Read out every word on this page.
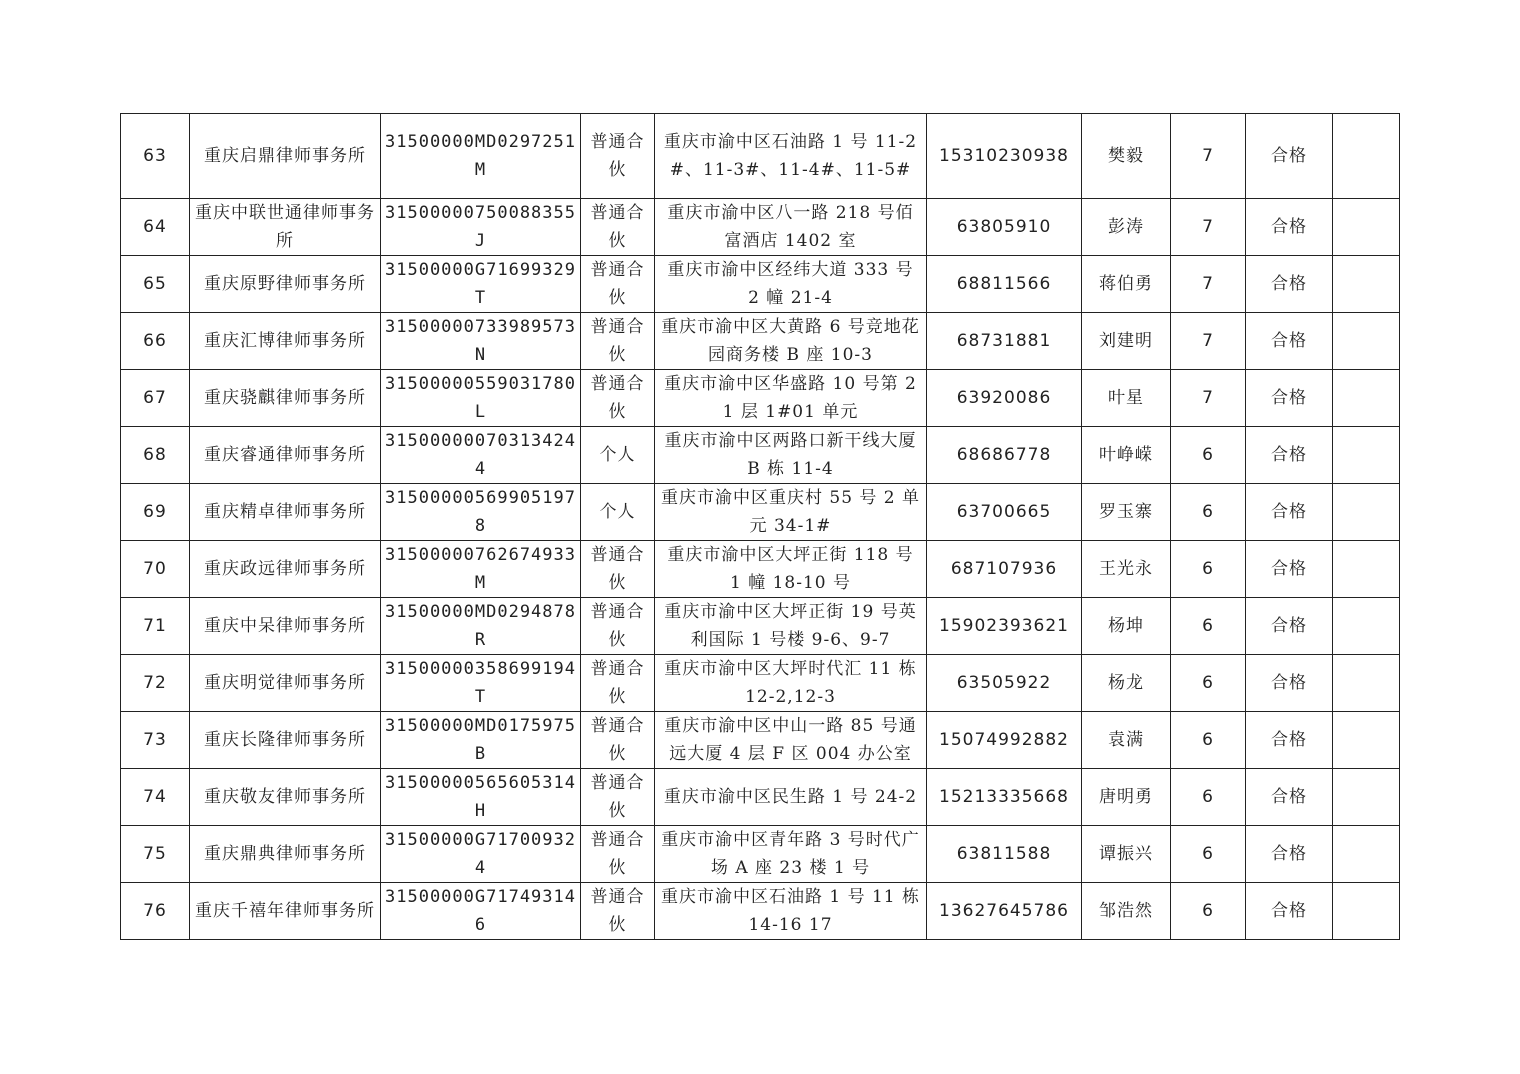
63	重庆启鼎律师事务所	31500000MD0297251M	普通合伙	重庆市渝中区石油路 1 号 11-2#、11-3#、11-4#、11-5#	15310230938	樊毅	7	合格	
64	重庆中联世通律师事务所	31500000750088355J	普通合伙	重庆市渝中区八一路 218 号佰富酒店 1402 室	63805910	彭涛	7	合格	
65	重庆原野律师事务所	31500000G71699329T	普通合伙	重庆市渝中区经纬大道 333 号 2 幢 21-4	68811566	蒋伯勇	7	合格	
66	重庆汇博律师事务所	31500000733989573N	普通合伙	重庆市渝中区大黄路 6 号竞地花园商务楼 B 座 10-3	68731881	刘建明	7	合格	
67	重庆骁麒律师事务所	31500000559031780L	普通合伙	重庆市渝中区华盛路 10 号第 21 层 1#01 单元	63920086	叶星	7	合格	
68	重庆睿通律师事务所	315000000703134244	个人	重庆市渝中区两路口新干线大厦 B 栋 11-4	68686778	叶峥嵘	6	合格	
69	重庆精卓律师事务所	315000005699051978	个人	重庆市渝中区重庆村 55 号 2 单元 34-1#	63700665	罗玉寨	6	合格	
70	重庆政远律师事务所	31500000762674933M	普通合伙	重庆市渝中区大坪正街 118 号 1 幢 18-10 号	687107936	王光永	6	合格	
71	重庆中呆律师事务所	31500000MD0294878R	普通合伙	重庆市渝中区大坪正街 19 号英利国际 1 号楼 9-6、9-7	15902393621	杨坤	6	合格	
72	重庆明觉律师事务所	31500000358699194T	普通合伙	重庆市渝中区大坪时代汇 11 栋 12-2,12-3	63505922	杨龙	6	合格	
73	重庆长隆律师事务所	31500000MD0175975B	普通合伙	重庆市渝中区中山一路 85 号通远大厦 4 层 F 区 004 办公室	15074992882	袁满	6	合格	
74	重庆敬友律师事务所	31500000565605314H	普通合伙	重庆市渝中区民生路 1 号 24-2	15213335668	唐明勇	6	合格	
75	重庆鼎典律师事务所	31500000G717009324	普通合伙	重庆市渝中区青年路 3 号时代广场 A 座 23 楼 1 号	63811588	谭振兴	6	合格	
76	重庆千禧年律师事务所	31500000G717493146	普通合伙	重庆市渝中区石油路 1 号 11 栋 14-16 17	13627645786	邹浩然	6	合格	
